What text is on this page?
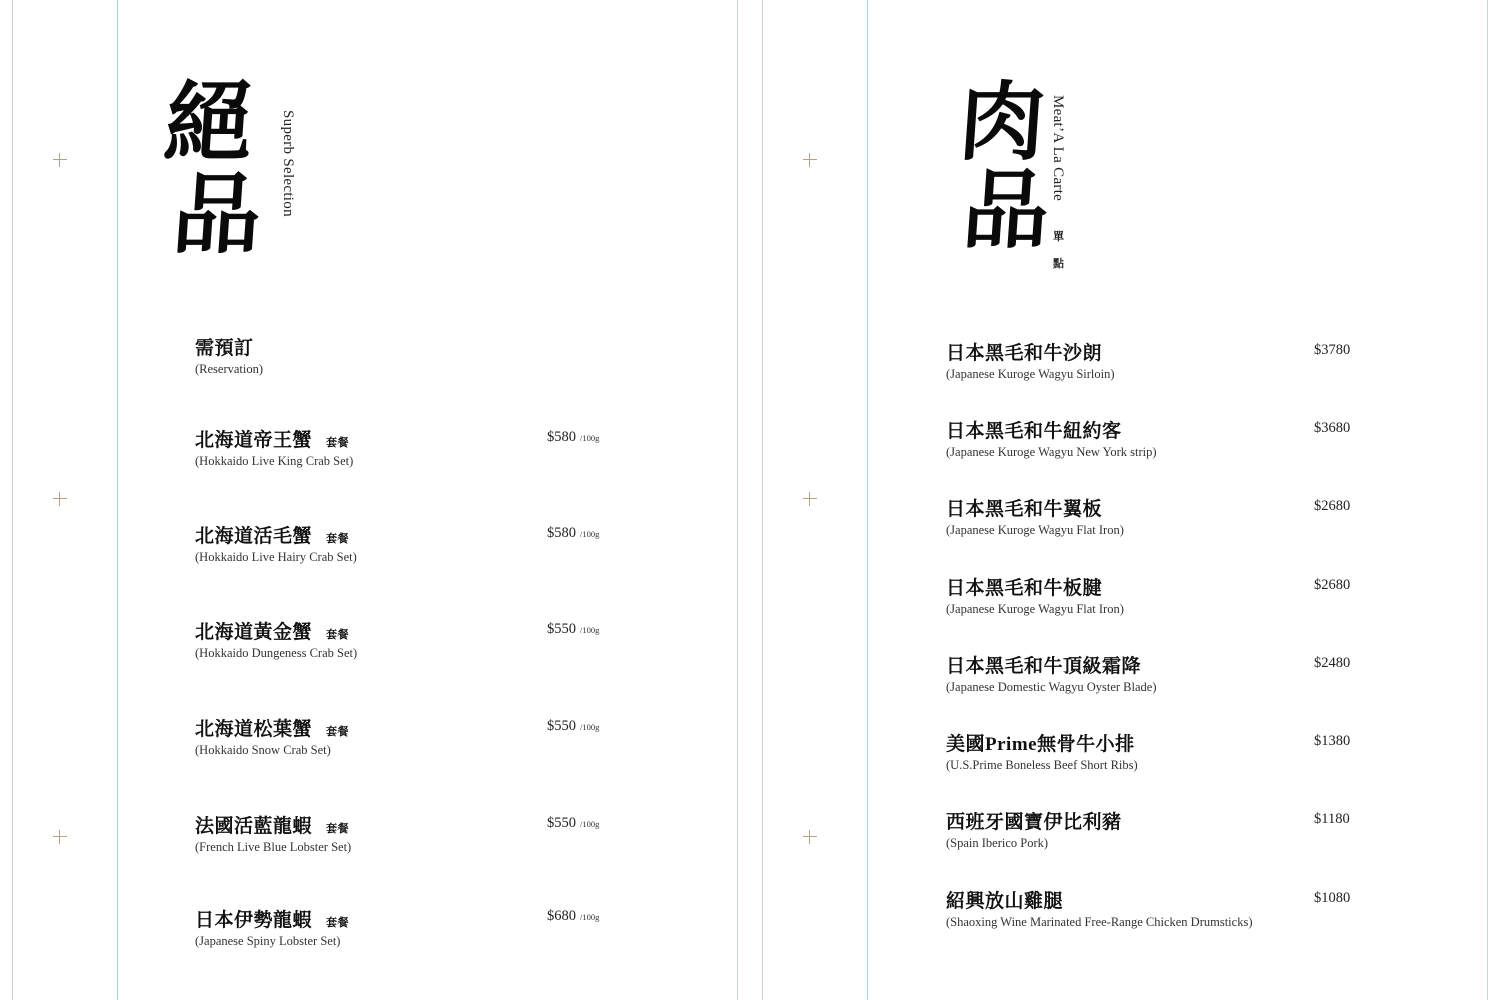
絕
品 Superb Selection
需預訂
(Reservation)
北海道帝王蟹 套餐
(Hokkaido Live King Crab Set)
$580 /100g
北海道活毛蟹 套餐
(Hokkaido Live Hairy Crab Set)
$580 /100g
北海道黃金蟹 套餐
(Hokkaido Dungeness Crab Set)
$550 /100g
北海道松葉蟹 套餐
(Hokkaido Snow Crab Set)
$550 /100g
法國活藍龍蝦 套餐
(French Live Blue Lobster Set)
$550 /100g
日本伊勢龍蝦 套餐
(Japanese Spiny Lobster Set)
$680 /100g
肉
品
Meat’A La Carte
單
點
日本黑毛和牛沙朗
(Japanese Kuroge Wagyu Sirloin)
$3780
日本黑毛和牛紐約客
(Japanese Kuroge Wagyu New York strip)
$3680
日本黑毛和牛翼板
(Japanese Kuroge Wagyu Flat Iron)
$2680
日本黑毛和牛板腱
(Japanese Kuroge Wagyu Flat Iron)
$2680
日本黑毛和牛頂級霜降
(Japanese Domestic Wagyu Oyster Blade)
$2480
美國Prime無骨牛小排
(U.S.Prime Boneless Beef Short Ribs)
$1380
西班牙國寶伊比利豬
(Spain Iberico Pork)
$1180
紹興放山雞腿
(Shaoxing Wine Marinated Free-Range Chicken Drumsticks)
$1080
